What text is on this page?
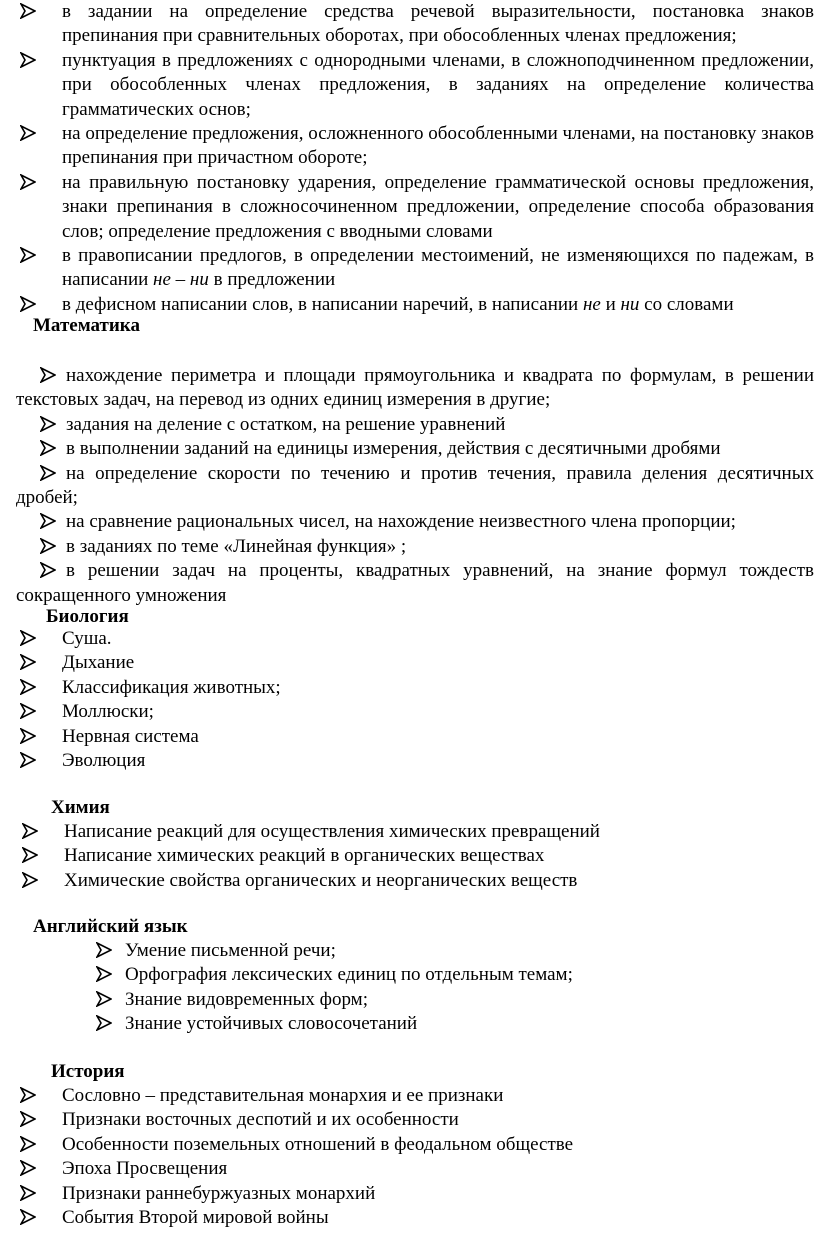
в задании на определение средства речевой выразительности, постановка знаков препинания при сравнительных оборотах, при обособленных членах предложения;
пунктуация в предложениях с однородными членами, в сложноподчиненном предложении, при обособленных членах предложения, в заданиях на определение количества грамматических основ;
на определение предложения, осложненного обособленными членами, на постановку знаков препинания при причастном обороте;
на правильную постановку ударения, определение грамматической основы предложения, знаки препинания в сложносочиненном предложении, определение способа образования слов; определение предложения с вводными словами
в правописании предлогов, в определении местоимений, не изменяющихся по падежам, в написании не – ни в предложении
в дефисном написании слов, в написании наречий, в написании не и ни со словами
Математика
нахождение периметра и площади прямоугольника и квадрата по формулам, в решении текстовых задач, на перевод из одних единиц измерения в другие;
задания на деление с остатком, на решение уравнений
в выполнении заданий на единицы измерения, действия с десятичными дробями
на определение скорости по течению и против течения, правила деления десятичных дробей;
на сравнение рациональных чисел, на нахождение неизвестного члена пропорции;
в заданиях по теме «Линейная функция» ;
в решении задач на проценты, квадратных уравнений, на знание формул тождеств сокращенного умножения
Биология
Суша.
Дыхание
Классификация животных;
Моллюски;
Нервная система
Эволюция
Химия
Написание реакций для осуществления химических превращений
Написание химических реакций в органических веществах
Химические свойства органических и неорганических веществ
Английский язык
Умение письменной речи;
Орфография лексических единиц по отдельным темам;
Знание видовременных форм;
Знание устойчивых словосочетаний
История
Сословно – представительная монархия и ее признаки
Признаки восточных деспотий и их особенности
Особенности поземельных отношений в феодальном обществе
Эпоха Просвещения
Признаки раннебуржуазных монархий
События Второй мировой войны
